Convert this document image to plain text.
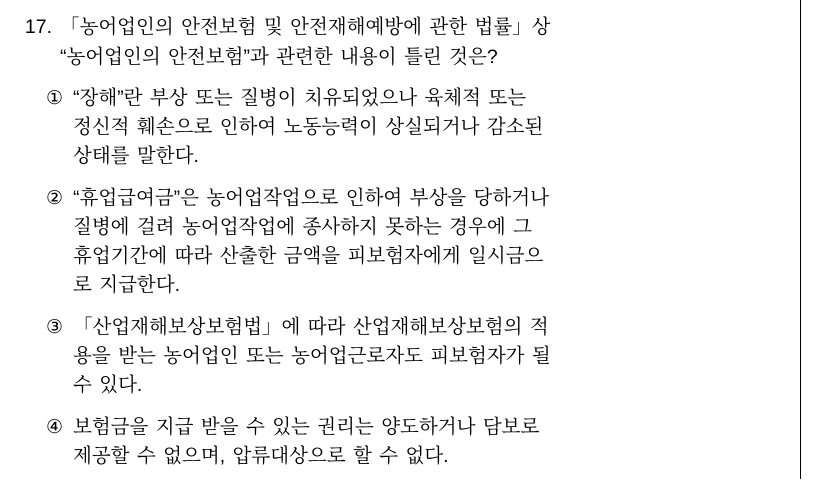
17. 「농어업인의 안전보험 및 안전재해예방에 관한 법률」상
“농어업인의 안전보험”과 관련한 내용이 틀린 것은?
① “장해”란 부상 또는 질병이 치유되었으나 육체적 또는
정신적 훼손으로 인하여 노동능력이 상실되거나 감소된
상태를 말한다.
② “휴업급여금”은 농어업작업으로 인하여 부상을 당하거나
질병에 걸려 농어업작업에 종사하지 못하는 경우에 그
휴업기간에 따라 산출한 금액을 피보험자에게 일시금으
로 지급한다.
③ 「산업재해보상보험법」에 따라 산업재해보상보험의 적
용을 받는 농어업인 또는 농어업근로자도 피보험자가 될
수 있다.
④ 보험금을 지급 받을 수 있는 권리는 양도하거나 담보로
제공할 수 없으며, 압류대상으로 할 수 없다.
